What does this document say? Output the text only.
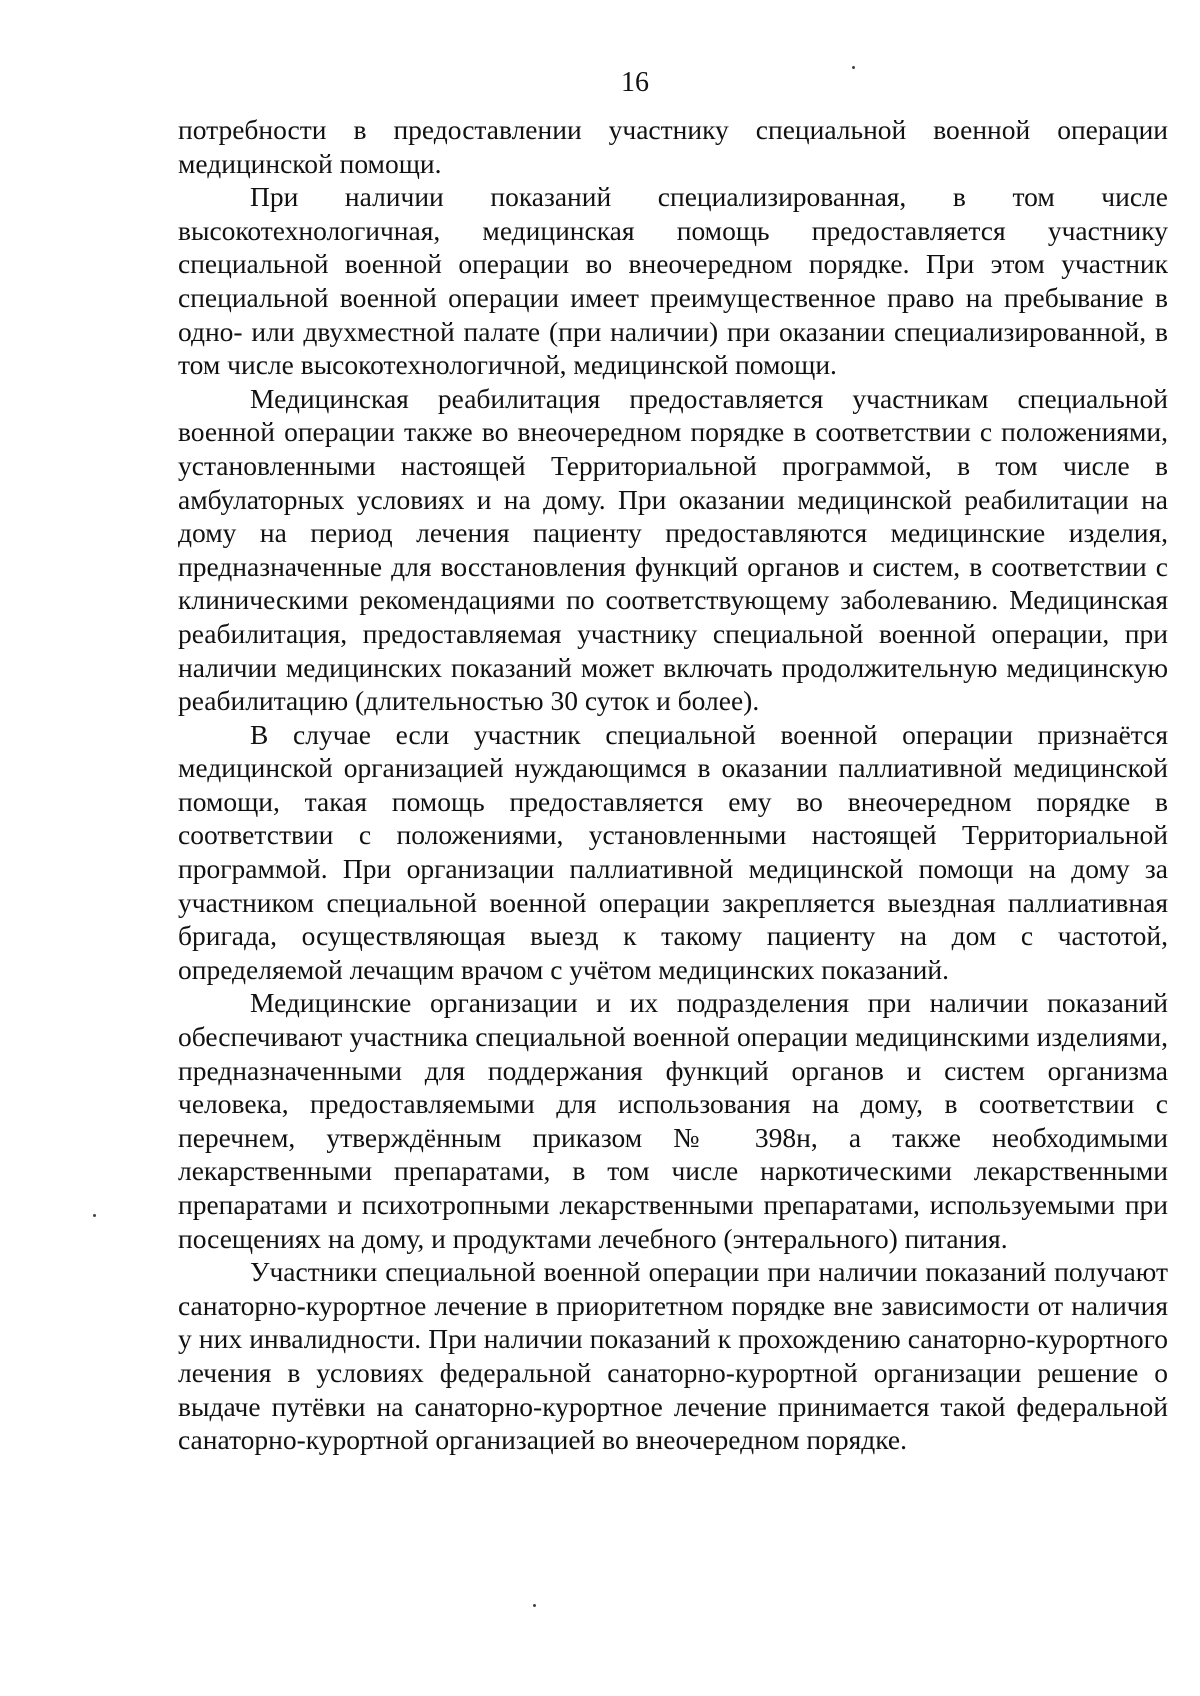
16

потребности в предоставлении участнику специальной военной операции медицинской помощи.

При наличии показаний специализированная, в том числе высокотехнологичная, медицинская помощь предоставляется участнику специальной военной операции во внеочередном порядке. При этом участник специальной военной операции имеет преимущественное право на пребывание в одно- или двухместной палате (при наличии) при оказании специализированной, в том числе высокотехнологичной, медицинской помощи.

Медицинская реабилитация предоставляется участникам специальной военной операции также во внеочередном порядке в соответствии с положениями, установленными настоящей Территориальной программой, в том числе в амбулаторных условиях и на дому. При оказании медицинской реабилитации на дому на период лечения пациенту предоставляются медицинские изделия, предназначенные для восстановления функций органов и систем, в соответствии с клиническими рекомендациями по соответствующему заболеванию. Медицинская реабилитация, предоставляемая участнику специальной военной операции, при наличии медицинских показаний может включать продолжительную медицинскую реабилитацию (длительностью 30 суток и более).

В случае если участник специальной военной операции признаётся медицинской организацией нуждающимся в оказании паллиативной медицинской помощи, такая помощь предоставляется ему во внеочередном порядке в соответствии с положениями, установленными настоящей Территориальной программой. При организации паллиативной медицинской помощи на дому за участником специальной военной операции закрепляется выездная паллиативная бригада, осуществляющая выезд к такому пациенту на дом с частотой, определяемой лечащим врачом с учётом медицинских показаний.

Медицинские организации и их подразделения при наличии показаний обеспечивают участника специальной военной операции медицинскими изделиями, предназначенными для поддержания функций органов и систем организма человека, предоставляемыми для использования на дому, в соответствии с перечнем, утверждённым приказом № 398н, а также необходимыми лекарственными препаратами, в том числе наркотическими лекарственными препаратами и психотропными лекарственными препаратами, используемыми при посещениях на дому, и продуктами лечебного (энтерального) питания.

Участники специальной военной операции при наличии показаний получают санаторно-курортное лечение в приоритетном порядке вне зависимости от наличия у них инвалидности. При наличии показаний к прохождению санаторно-курортного лечения в условиях федеральной санаторно-курортной организации решение о выдаче путёвки на санаторно-курортное лечение принимается такой федеральной санаторно-курортной организацией во внеочередном порядке.
